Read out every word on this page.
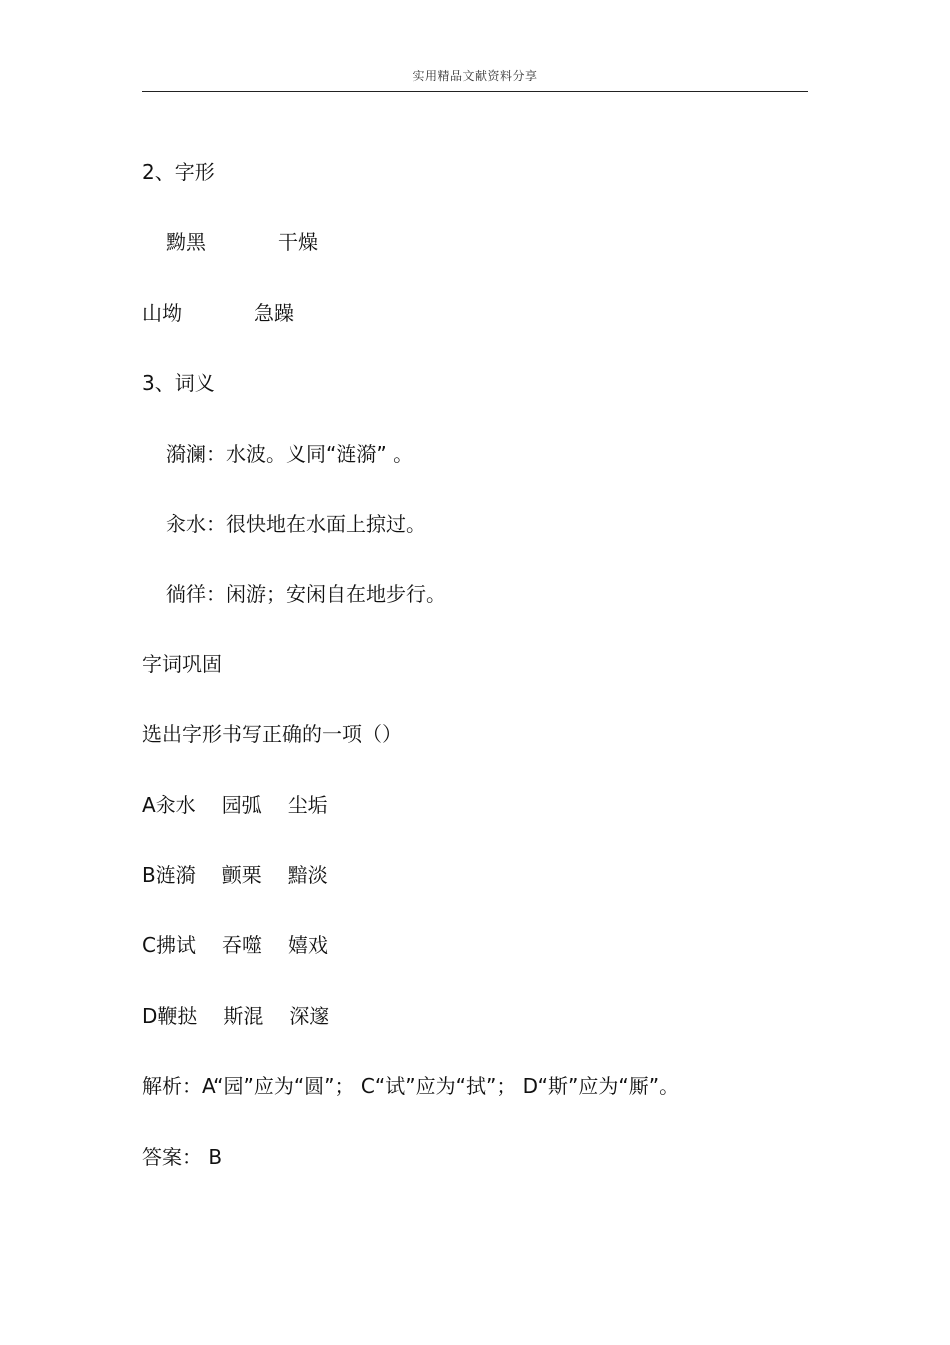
实用精品文献资料分享
2、字形
黝黑	干燥
山坳	急躁
3、词义
漪澜：水波。义同“涟漪” 。
汆水：很快地在水面上掠过。
徜徉：闲游；安闲自在地步行。
字词巩固
选出字形书写正确的一项（）
A汆水 园弧 尘垢
B涟漪 颤栗 黯淡
C拂试 吞噬 嬉戏
D鞭挞 斯混 深邃
解析：A“园”应为“圆”； C“试”应为“拭”； D“斯”应为“厮”。
答案： B
